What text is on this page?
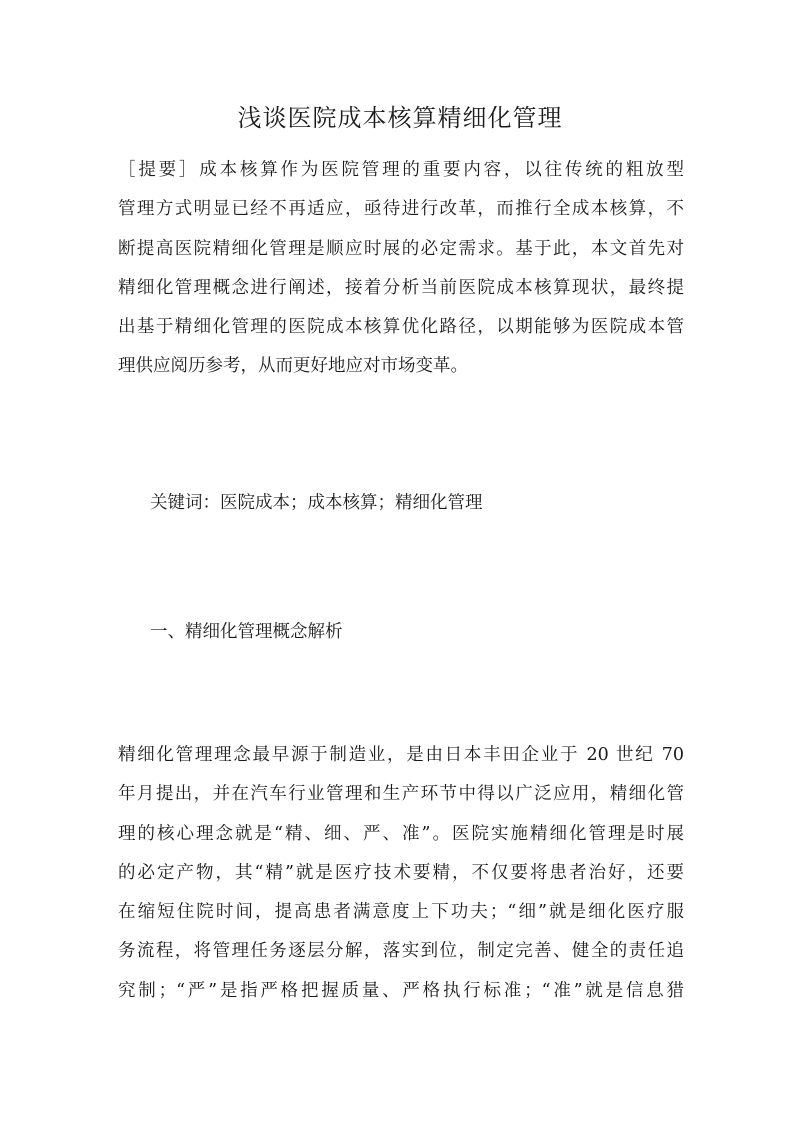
浅谈医院成本核算精细化管理
［提要］成本核算作为医院管理的重要内容，以往传统的粗放型
管理方式明显已经不再适应，亟待进行改革，而推行全成本核算，不
断提高医院精细化管理是顺应时展的必定需求。基于此，本文首先对
精细化管理概念进行阐述，接着分析当前医院成本核算现状，最终提
出基于精细化管理的医院成本核算优化路径，以期能够为医院成本管
理供应阅历参考，从而更好地应对市场变革。

关键词：医院成本；成本核算；精细化管理

一、精细化管理概念解析
精细化管理理念最早源于制造业，是由日本丰田企业于 20 世纪 70
年月提出，并在汽车行业管理和生产环节中得以广泛应用，精细化管
理的核心理念就是“精、细、严、准”。医院实施精细化管理是时展
的必定产物，其“精”就是医疗技术要精，不仅要将患者治好，还要
在缩短住院时间，提高患者满意度上下功夫；“细”就是细化医疗服
务流程，将管理任务逐层分解，落实到位，制定完善、健全的责任追
究制；“严”是指严格把握质量、严格执行标准；“准”就是信息猎
